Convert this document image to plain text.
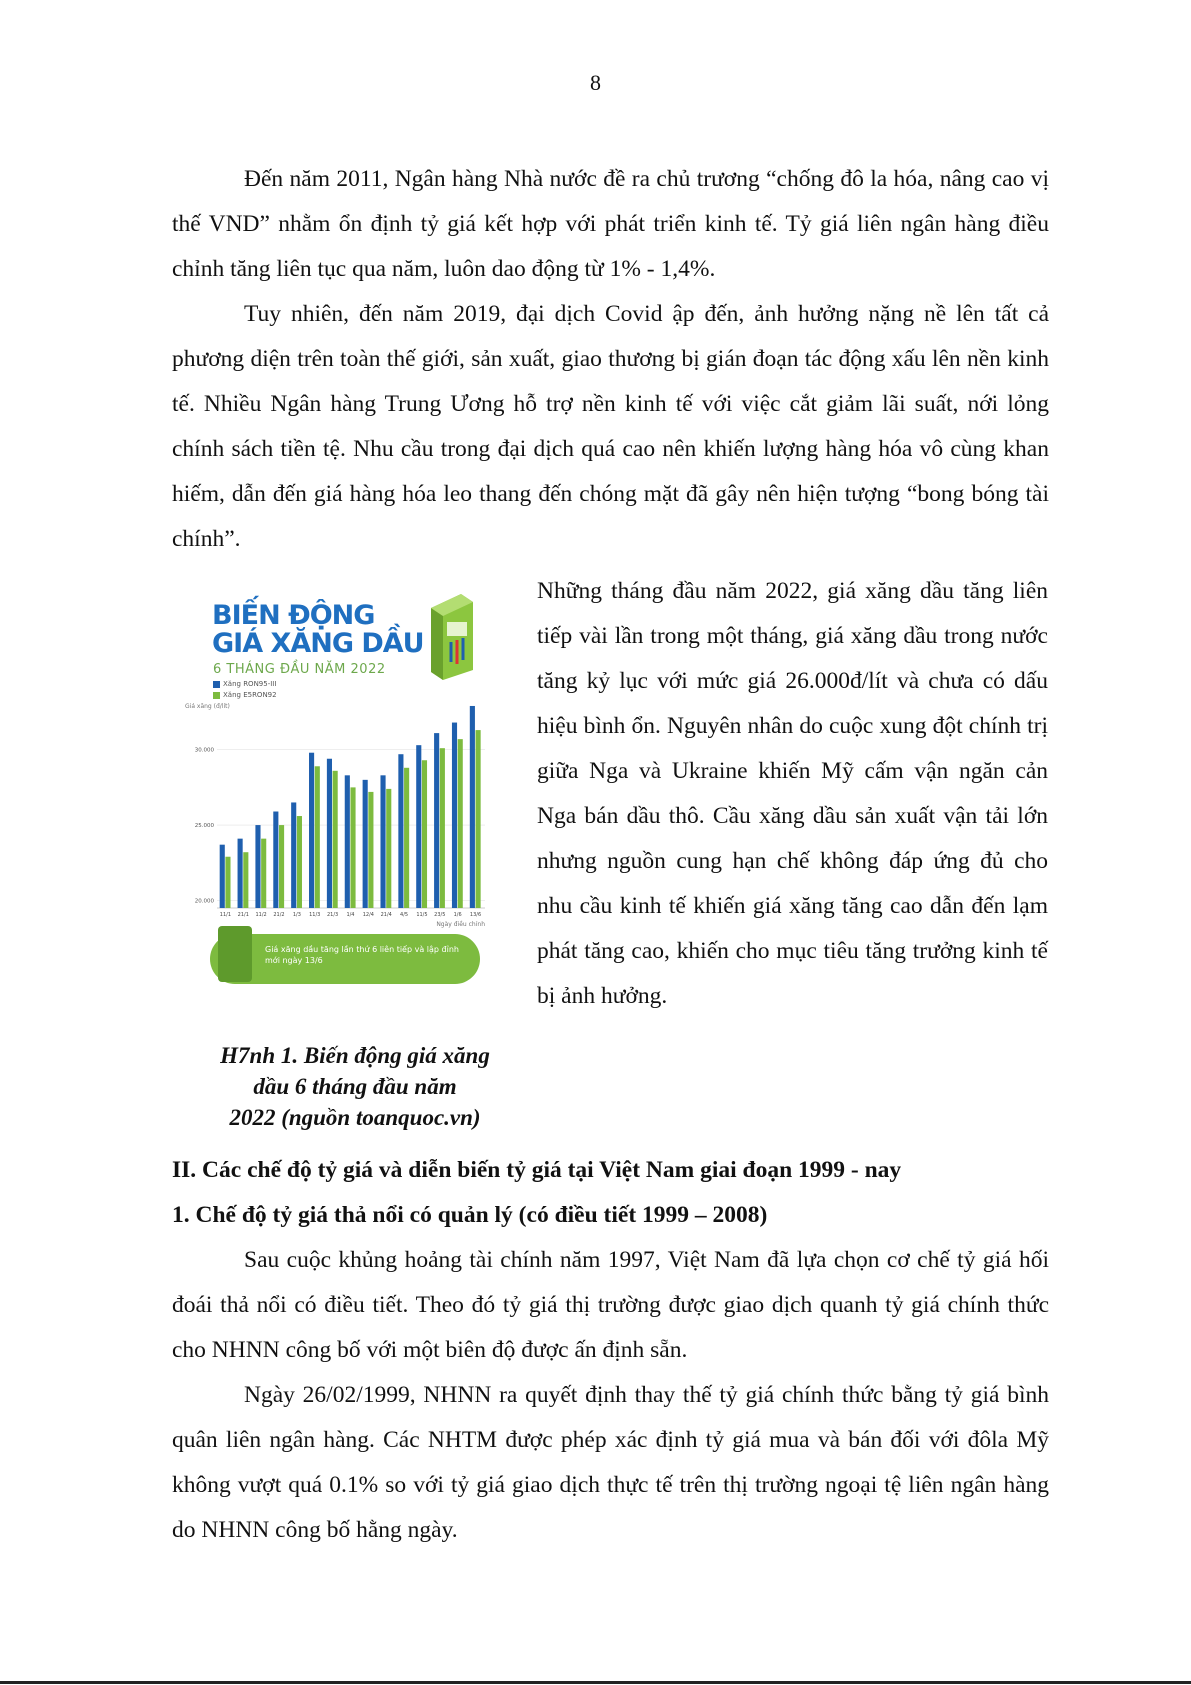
8

Đến năm 2011, Ngân hàng Nhà nước đề ra chủ trương “chống đô la hóa, nâng cao vị thế VND” nhằm ổn định tỷ giá kết hợp với phát triển kinh tế. Tỷ giá liên ngân hàng điều chỉnh tăng liên tục qua năm, luôn dao động từ 1% - 1,4%.

Tuy nhiên, đến năm 2019, đại dịch Covid ập đến, ảnh hưởng nặng nề lên tất cả phương diện trên toàn thế giới, sản xuất, giao thương bị gián đoạn tác động xấu lên nền kinh tế. Nhiều Ngân hàng Trung Ương hỗ trợ nền kinh tế với việc cắt giảm lãi suất, nới lỏng chính sách tiền tệ. Nhu cầu trong đại dịch quá cao nên khiến lượng hàng hóa vô cùng khan hiếm, dẫn đến giá hàng hóa leo thang đến chóng mặt đã gây nên hiện tượng “bong bóng tài chính”.

BIẾN ĐỘNG
GIÁ XĂNG DẦU
6 THÁNG ĐẦU NĂM 2022
Xăng RON95-III
Xăng E5RON92
Giá xăng (đ/lít)
20.000
25.000
30.000
11/1 21/1 11/2 21/2 1/3 11/3 21/3 1/4 12/4 21/4 4/5 11/5 23/5 1/6 13/6
Ngày điều chỉnh
Giá xăng dầu tăng lần thứ 6 liên tiếp và lập đỉnh mới ngày 13/6
H7nh 1. Biến động giá xăng
dầu 6 tháng đầu năm
2022 (nguồn toanquoc.vn)

Những tháng đầu năm 2022, giá xăng dầu tăng liên tiếp vài lần trong một tháng, giá xăng dầu trong nước tăng kỷ lục với mức giá 26.000đ/lít và chưa có dấu hiệu bình ổn. Nguyên nhân do cuộc xung đột chính trị giữa Nga và Ukraine khiến Mỹ cấm vận ngăn cản Nga bán dầu thô. Cầu xăng dầu sản xuất vận tải lớn nhưng nguồn cung hạn chế không đáp ứng đủ cho nhu cầu kinh tế khiến giá xăng tăng cao dẫn đến lạm phát tăng cao, khiến cho mục tiêu tăng trưởng kinh tế bị ảnh hưởng.

II. Các chế độ tỷ giá và diễn biến tỷ giá tại Việt Nam giai đoạn 1999 - nay

1. Chế độ tỷ giá thả nổi có quản lý (có điều tiết 1999 – 2008)

Sau cuộc khủng hoảng tài chính năm 1997, Việt Nam đã lựa chọn cơ chế tỷ giá hối đoái thả nổi có điều tiết. Theo đó tỷ giá thị trường được giao dịch quanh tỷ giá chính thức cho NHNN công bố với một biên độ được ấn định sẵn.

Ngày 26/02/1999, NHNN ra quyết định thay thế tỷ giá chính thức bằng tỷ giá bình quân liên ngân hàng. Các NHTM được phép xác định tỷ giá mua và bán đối với đôla Mỹ không vượt quá 0.1% so với tỷ giá giao dịch thực tế trên thị trường ngoại tệ liên ngân hàng do NHNN công bố hằng ngày.
